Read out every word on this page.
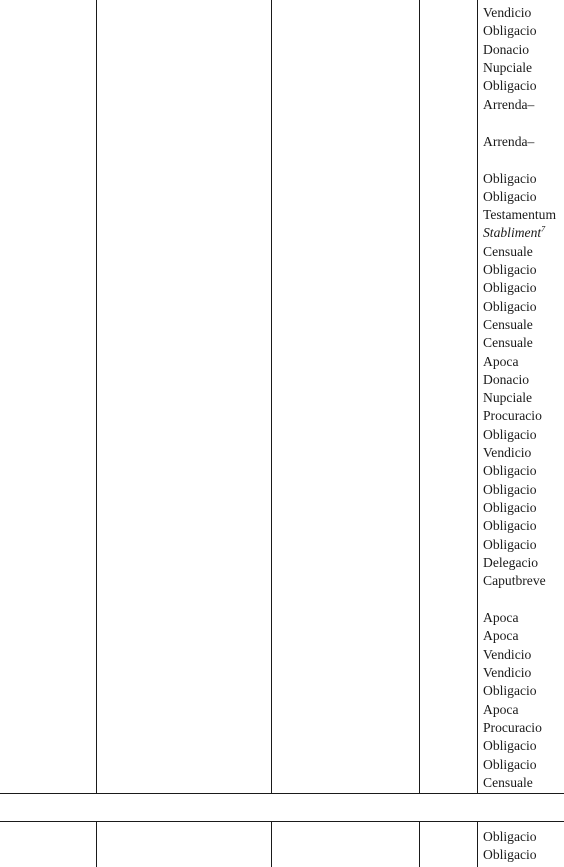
Vendicio
Obligacio
Donacio
Nupciale
Obligacio
Arrenda–
Arrenda–
Obligacio
Obligacio
Testamentum
Stabliment$^7$
Censuale
Obligacio
Obligacio
Obligacio
Censuale
Censuale
Apoca
Donacio
Nupciale
Procuracio
Obligacio
Vendicio
Obligacio
Obligacio
Obligacio
Obligacio
Obligacio
Delegacio
Caputbreve
Apoca
Apoca
Vendicio
Vendicio
Obligacio
Apoca
Procuracio
Obligacio
Obligacio
Censuale
Obligacio
Obligacio
